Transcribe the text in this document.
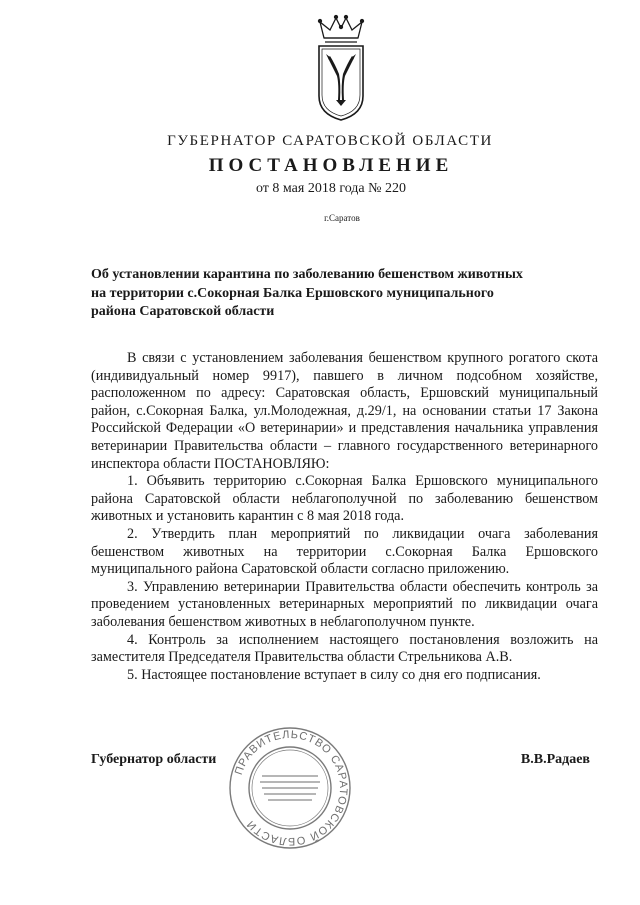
ГУБЕРНАТОР САРАТОВСКОЙ ОБЛАСТИ
ПОСТАНОВЛЕНИЕ
от 8 мая 2018 года № 220
г.Саратов

Об установлении карантина по заболеванию бешенством животных на территории с.Сокорная Балка Ершовского муниципального района Саратовской области

В связи с установлением заболевания бешенством крупного рогатого скота (индивидуальный номер 9917), павшего в личном подсобном хозяйстве, расположенном по адресу: Саратовская область, Ершовский муниципальный район, с.Сокорная Балка, ул.Молодежная, д.29/1, на основании статьи 17 Закона Российской Федерации «О ветеринарии» и представления начальника управления ветеринарии Правительства области – главного государственного ветеринарного инспектора области ПОСТАНОВЛЯЮ:

1. Объявить территорию с.Сокорная Балка Ершовского муниципального района Саратовской области неблагополучной по заболеванию бешенством животных и установить карантин с 8 мая 2018 года.

2. Утвердить план мероприятий по ликвидации очага заболевания бешенством животных на территории с.Сокорная Балка Ершовского муниципального района Саратовской области согласно приложению.

3. Управлению ветеринарии Правительства области обеспечить контроль за проведением установленных ветеринарных мероприятий по ликвидации очага заболевания бешенством животных в неблагополучном пункте.

4. Контроль за исполнением настоящего постановления возложить на заместителя Председателя Правительства области Стрельникова А.В.

5. Настоящее постановление вступает в силу со дня его подписания.

ПРАВИТЕЛЬСТВО САРАТОВСКОЙ ОБЛАСТИ
Губернатор области	В.В.Радаев
